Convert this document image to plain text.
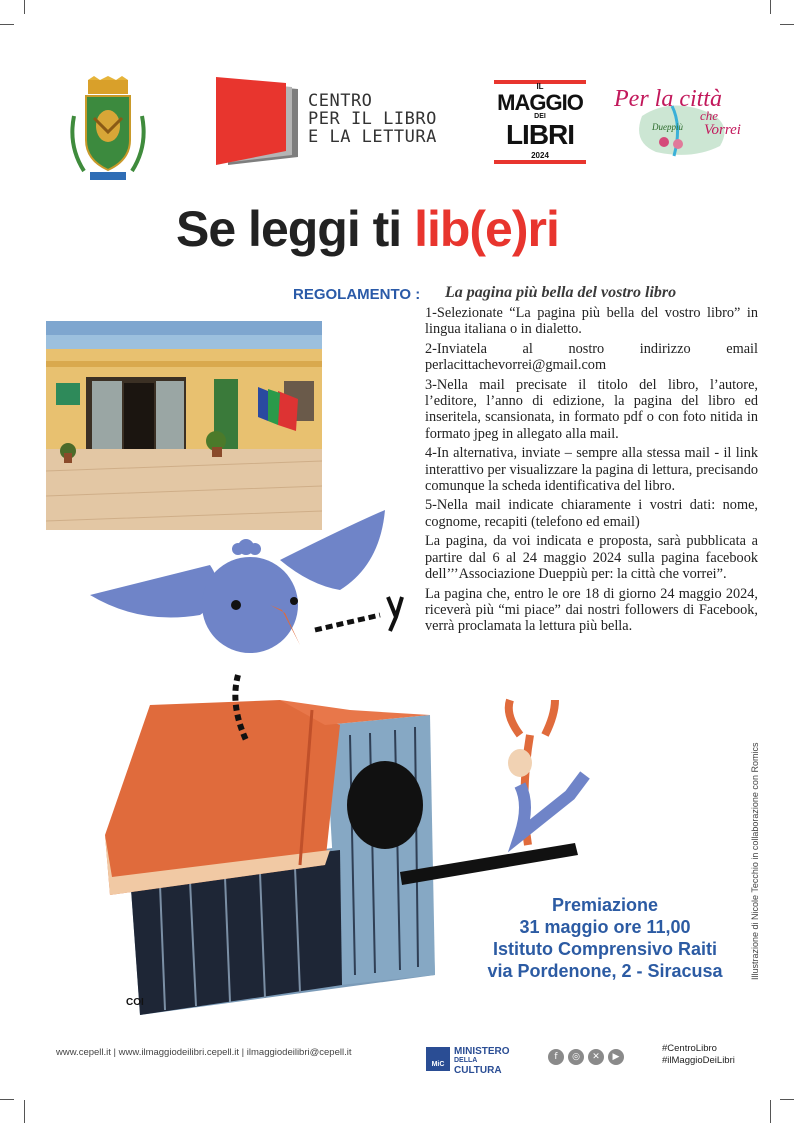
CENTRO
PER IL LIBRO
E LA LETTURA
IL
MAGGIO
DEI
LIBRI
2024
Per la città
che
Dueppiù Vorrei
Se leggi ti lib(e)ri
REGOLAMENTO : La pagina più bella del vostro libro

1-Selezionate “La pagina più bella del vostro libro” in lingua italiana o in dialetto.

2-Inviatela al nostro indirizzo email perlacittachevorrei@gmail.com

3-Nella mail precisate il titolo del libro, l’autore, l’editore, l’anno di edizione, la pagina del libro ed inseritela, scansionata, in formato pdf o con foto nitida in formato jpeg in allegato alla mail.

4-In alternativa, inviate – sempre alla stessa mail - il link interattivo per visualizzare la pagina di lettura, precisando comunque la scheda identificativa del libro.

5-Nella mail indicate chiaramente i vostri dati: nome, cognome, recapiti (telefono ed email)

La pagina, da voi indicata e proposta, sarà pubblicata a partire dal 6 al 24 maggio 2024 sulla pagina facebook dell’’’Associazione Dueppiù per: la città che vorrei”.

La pagina che, entro le ore 18 di giorno 24 maggio 2024, riceverà più “mi piace” dai nostri followers di Facebook, verrà proclamata la lettura più bella.

COI
Premiazione
31 maggio ore 11,00
Istituto Comprensivo Raiti
via Pordenone, 2 - Siracusa	Illustrazione di Nicole Tecchio in collaborazione con Romics
www.cepell.it | www.ilmaggiodeilibri.cepell.it | ilmaggiodeilibri@cepell.it
MiC
MINISTERO
DELLA
CULTURA
f ◎ ✕ ▶
#CentroLibro
#ilMaggioDeiLibri
